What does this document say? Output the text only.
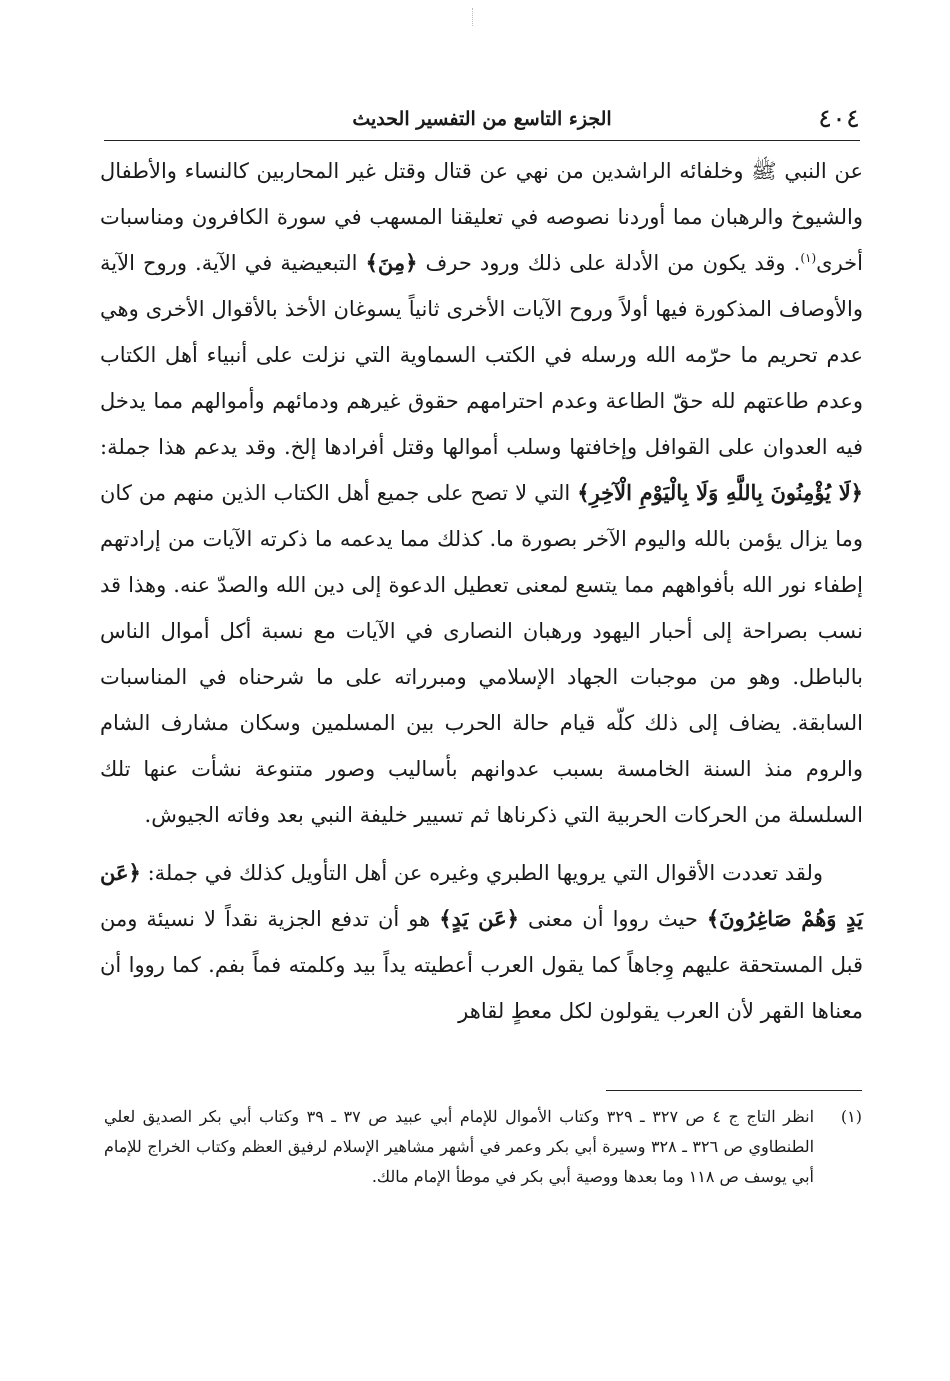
٤٠٤
الجزء التاسع من التفسير الحديث

عن النبي ﷺ وخلفائه الراشدين من نهي عن قتال وقتل غير المحاربين كالنساء والأطفال والشيوخ والرهبان مما أوردنا نصوصه في تعليقنا المسهب في سورة الكافرون ومناسبات أخرى$^{(١)}$. وقد يكون من الأدلة على ذلك ورود حرف ﴿مِنَ﴾ التبعيضية في الآية. وروح الآية والأوصاف المذكورة فيها أولاً وروح الآيات الأخرى ثانياً يسوغان الأخذ بالأقوال الأخرى وهي عدم تحريم ما حرّمه الله ورسله في الكتب السماوية التي نزلت على أنبياء أهل الكتاب وعدم طاعتهم لله حقّ الطاعة وعدم احترامهم حقوق غيرهم ودمائهم وأموالهم مما يدخل فيه العدوان على القوافل وإخافتها وسلب أموالها وقتل أفرادها إلخ. وقد يدعم هذا جملة: ﴿لَا يُؤْمِنُونَ بِاللَّهِ وَلَا بِالْيَوْمِ الْآخِرِ﴾ التي لا تصح على جميع أهل الكتاب الذين منهم من كان وما يزال يؤمن بالله واليوم الآخر بصورة ما. كذلك مما يدعمه ما ذكرته الآيات من إرادتهم إطفاء نور الله بأفواههم مما يتسع لمعنى تعطيل الدعوة إلى دين الله والصدّ عنه. وهذا قد نسب بصراحة إلى أحبار اليهود ورهبان النصارى في الآيات مع نسبة أكل أموال الناس بالباطل. وهو من موجبات الجهاد الإسلامي ومبرراته على ما شرحناه في المناسبات السابقة. يضاف إلى ذلك كلّه قيام حالة الحرب بين المسلمين وسكان مشارف الشام والروم منذ السنة الخامسة بسبب عدوانهم بأساليب وصور متنوعة نشأت عنها تلك السلسلة من الحركات الحربية التي ذكرناها ثم تسيير خليفة النبي بعد وفاته الجيوش.

ولقد تعددت الأقوال التي يرويها الطبري وغيره عن أهل التأويل كذلك في جملة: ﴿عَن يَدٍ وَهُمْ صَاغِرُونَ﴾ حيث رووا أن معنى ﴿عَن يَدٍ﴾ هو أن تدفع الجزية نقداً لا نسيئة ومن قبل المستحقة عليهم وِجاهاً كما يقول العرب أعطيته يداً بيد وكلمته فماً بفم. كما رووا أن معناها القهر لأن العرب يقولون لكل معطٍ لقاهر

(١)
انظر التاج ج ٤ ص ٣٢٧ ـ ٣٢٩ وكتاب الأموال للإمام أبي عبيد ص ٣٧ ـ ٣٩ وكتاب أبي بكر الصديق لعلي الطنطاوي ص ٣٢٦ ـ ٣٢٨ وسيرة أبي بكر وعمر في أشهر مشاهير الإسلام لرفيق العظم وكتاب الخراج للإمام أبي يوسف ص ١١٨ وما بعدها ووصية أبي بكر في موطأ الإمام مالك.
